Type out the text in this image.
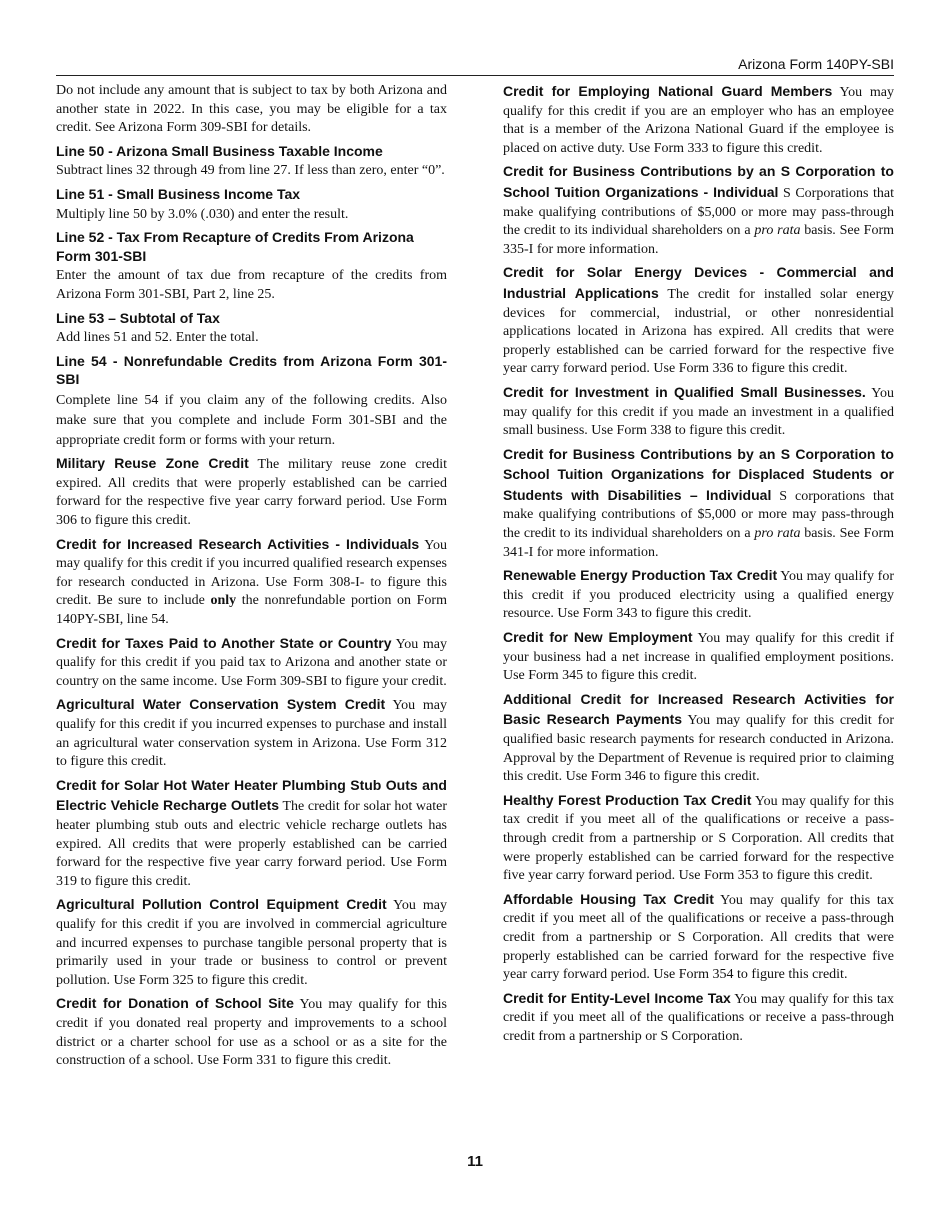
Arizona Form 140PY-SBI

Do not include any amount that is subject to tax by both Arizona and another state in 2022. In this case, you may be eligible for a tax credit. See Arizona Form 309-SBI for details.

Line 50 - Arizona Small Business Taxable Income

Subtract lines 32 through 49 from line 27. If less than zero, enter “0”.

Line 51 - Small Business Income Tax

Multiply line 50 by 3.0% (.030) and enter the result.

Line 52 - Tax From Recapture of Credits From Arizona Form 301-SBI

Enter the amount of tax due from recapture of the credits from Arizona Form 301-SBI, Part 2, line 25.

Line 53 – Subtotal of Tax

Add lines 51 and 52. Enter the total.

Line 54 - Nonrefundable Credits from Arizona Form 301-SBI

Complete line 54 if you claim any of the following credits. Also make sure that you complete and include Form 301-SBI and the appropriate credit form or forms with your return.

Military Reuse Zone Credit The military reuse zone credit expired. All credits that were properly established can be carried forward for the respective five year carry forward period. Use Form 306 to figure this credit.

Credit for Increased Research Activities - Individuals You may qualify for this credit if you incurred qualified research expenses for research conducted in Arizona. Use Form 308-I- to figure this credit. Be sure to include only the nonrefundable portion on Form 140PY-SBI, line 54.

Credit for Taxes Paid to Another State or Country You may qualify for this credit if you paid tax to Arizona and another state or country on the same income. Use Form 309-SBI to figure your credit.

Agricultural Water Conservation System Credit You may qualify for this credit if you incurred expenses to purchase and install an agricultural water conservation system in Arizona. Use Form 312 to figure this credit.

Credit for Solar Hot Water Heater Plumbing Stub Outs and Electric Vehicle Recharge Outlets The credit for solar hot water heater plumbing stub outs and electric vehicle recharge outlets has expired. All credits that were properly established can be carried forward for the respective five year carry forward period. Use Form 319 to figure this credit.

Agricultural Pollution Control Equipment Credit You may qualify for this credit if you are involved in commercial agriculture and incurred expenses to purchase tangible personal property that is primarily used in your trade or business to control or prevent pollution. Use Form 325 to figure this credit.

Credit for Donation of School Site You may qualify for this credit if you donated real property and improvements to a school district or a charter school for use as a school or as a site for the construction of a school. Use Form 331 to figure this credit.

Credit for Employing National Guard Members You may qualify for this credit if you are an employer who has an employee that is a member of the Arizona National Guard if the employee is placed on active duty. Use Form 333 to figure this credit.

Credit for Business Contributions by an S Corporation to School Tuition Organizations - Individual S Corporations that make qualifying contributions of $5,000 or more may pass-through the credit to its individual shareholders on a pro rata basis. See Form 335-I for more information.

Credit for Solar Energy Devices - Commercial and Industrial Applications The credit for installed solar energy devices for commercial, industrial, or other nonresidential applications located in Arizona has expired. All credits that were properly established can be carried forward for the respective five year carry forward period. Use Form 336 to figure this credit.

Credit for Investment in Qualified Small Businesses. You may qualify for this credit if you made an investment in a qualified small business. Use Form 338 to figure this credit.

Credit for Business Contributions by an S Corporation to School Tuition Organizations for Displaced Students or Students with Disabilities – Individual S corporations that make qualifying contributions of $5,000 or more may pass-through the credit to its individual shareholders on a pro rata basis. See Form 341-I for more information.

Renewable Energy Production Tax Credit You may qualify for this credit if you produced electricity using a qualified energy resource. Use Form 343 to figure this credit.

Credit for New Employment You may qualify for this credit if your business had a net increase in qualified employment positions. Use Form 345 to figure this credit.

Additional Credit for Increased Research Activities for Basic Research Payments You may qualify for this credit for qualified basic research payments for research conducted in Arizona. Approval by the Department of Revenue is required prior to claiming this credit. Use Form 346 to figure this credit.

Healthy Forest Production Tax Credit You may qualify for this tax credit if you meet all of the qualifications or receive a pass-through credit from a partnership or S Corporation. All credits that were properly established can be carried forward for the respective five year carry forward period. Use Form 353 to figure this credit.

Affordable Housing Tax Credit You may qualify for this tax credit if you meet all of the qualifications or receive a pass-through credit from a partnership or S Corporation. All credits that were properly established can be carried forward for the respective five year carry forward period. Use Form 354 to figure this credit.

Credit for Entity-Level Income Tax You may qualify for this tax credit if you meet all of the qualifications or receive a pass-through credit from a partnership or S Corporation.

11
